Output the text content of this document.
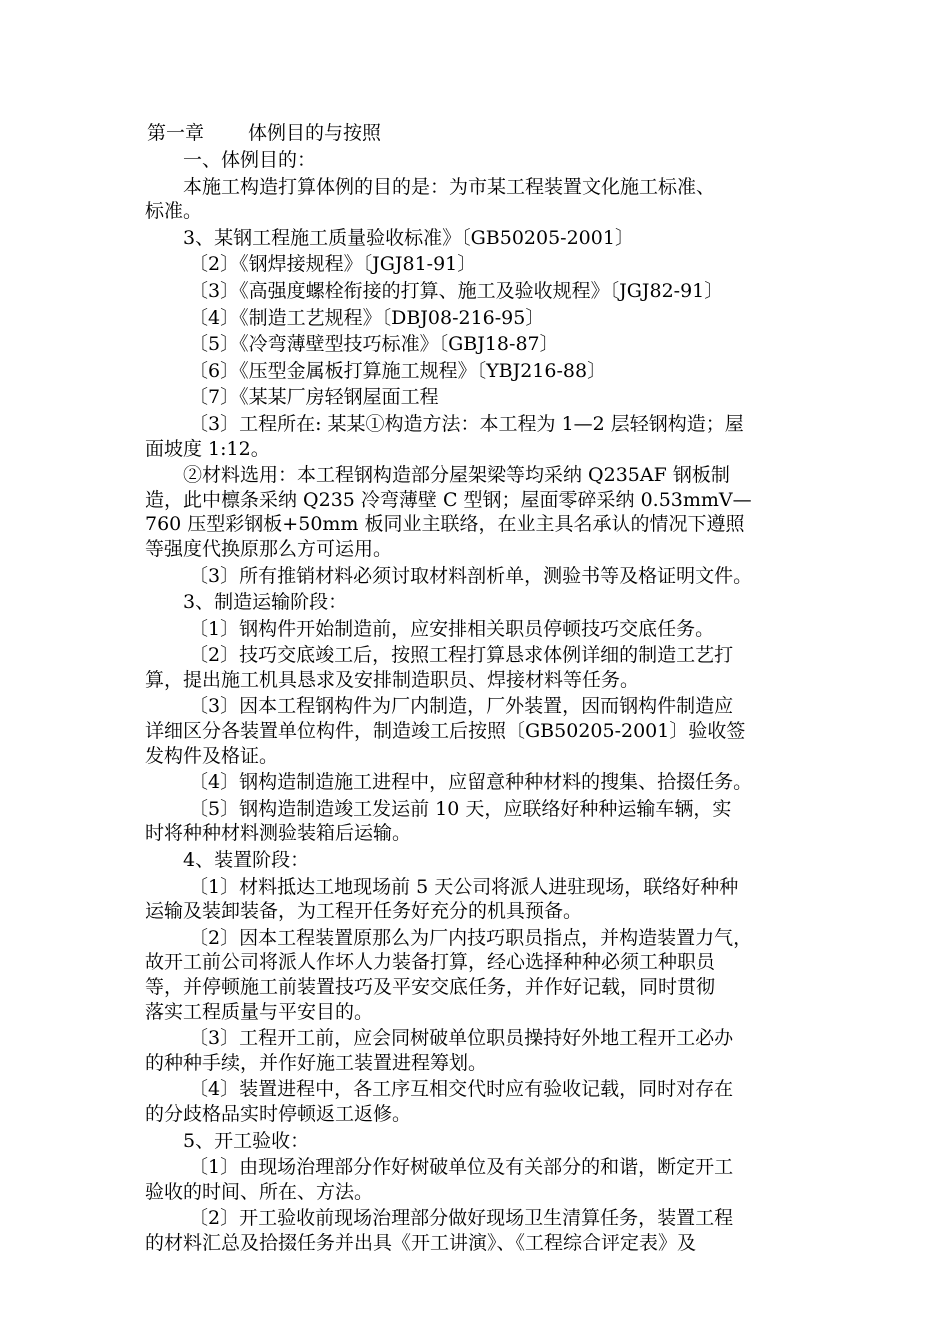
第一章	体例目的与按照
一、体例目的：
本施工构造打算体例的目的是：为市某工程装置文化施工标准、
标准。
3、某钢工程施工质量验收标准》〔GB50205-2001〕
〔2〕《钢焊接规程》〔JGJ81-91〕
〔3〕《高强度螺栓衔接的打算、施工及验收规程》〔JGJ82-91〕
〔4〕《制造工艺规程》〔DBJ08-216-95〕
〔5〕《冷弯薄壁型技巧标准》〔GBJ18-87〕
〔6〕《压型金属板打算施工规程》〔YBJ216-88〕
〔7〕《某某厂房轻钢屋面工程
〔3〕工程所在: 某某①构造方法：本工程为 1—2 层轻钢构造；屋
面坡度 1:12。
②材料选用：本工程钢构造部分屋架梁等均采纳 Q235AF 钢板制
造，此中檩条采纳 Q235 冷弯薄壁 C 型钢；屋面零碎采纳 0.53mmV—
760 压型彩钢板+50mm 板同业主联络，在业主具名承认的情况下遵照
等强度代换原那么方可运用。
〔3〕所有推销材料必须讨取材料剖析单，测验书等及格证明文件。
3、制造运输阶段：
〔1〕钢构件开始制造前，应安排相关职员停顿技巧交底任务。
〔2〕技巧交底竣工后，按照工程打算恳求体例详细的制造工艺打
算，提出施工机具恳求及安排制造职员、焊接材料等任务。
〔3〕因本工程钢构件为厂内制造，厂外装置，因而钢构件制造应
详细区分各装置单位构件，制造竣工后按照〔GB50205-2001〕验收签
发构件及格证。
〔4〕钢构造制造施工进程中，应留意种种材料的搜集、拾掇任务。
〔5〕钢构造制造竣工发运前 10 天，应联络好种种运输车辆，实
时将种种材料测验装箱后运输。
4、装置阶段：
〔1〕材料抵达工地现场前 5 天公司将派人进驻现场，联络好种种
运输及装卸装备，为工程开任务好充分的机具预备。
〔2〕因本工程装置原那么为厂内技巧职员指点，并构造装置力气，
故开工前公司将派人作坏人力装备打算，经心选择种种必须工种职员
等，并停顿施工前装置技巧及平安交底任务，并作好记载，同时贯彻
落实工程质量与平安目的。
〔3〕工程开工前，应会同树破单位职员操持好外地工程开工必办
的种种手续，并作好施工装置进程筹划。
〔4〕装置进程中，各工序互相交代时应有验收记载，同时对存在
的分歧格品实时停顿返工返修。
5、开工验收：
〔1〕由现场治理部分作好树破单位及有关部分的和谐，断定开工
验收的时间、所在、方法。
〔2〕开工验收前现场治理部分做好现场卫生清算任务，装置工程
的材料汇总及拾掇任务并出具《开工讲演》、《工程综合评定表》及
